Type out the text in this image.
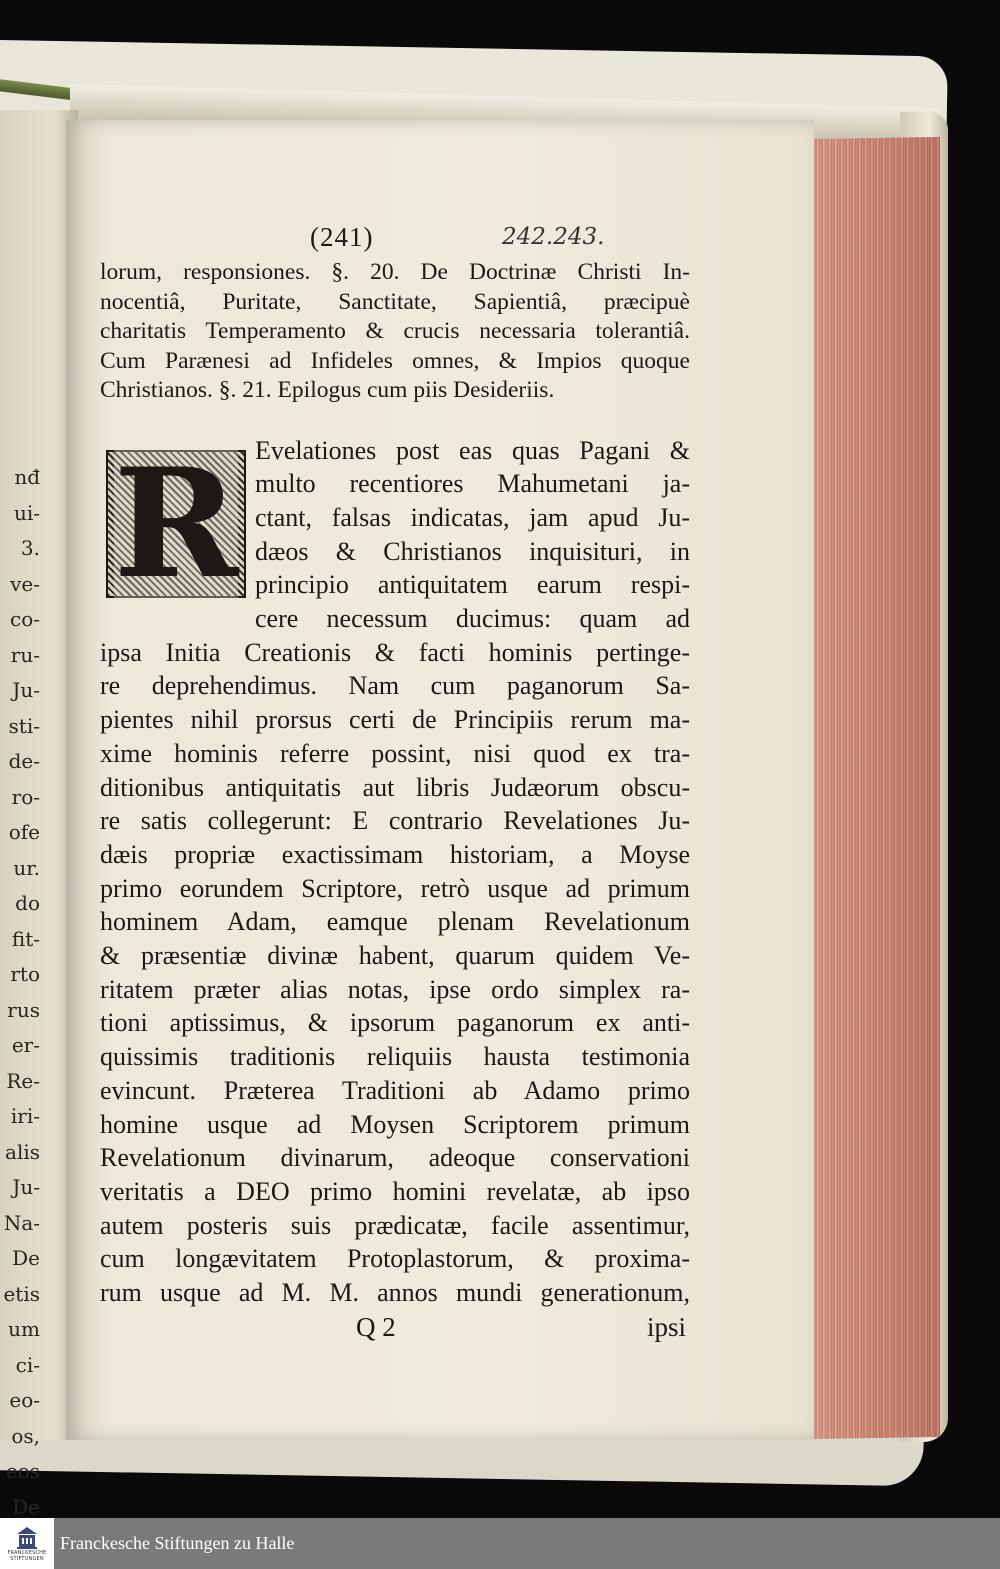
nđ
ui-
3.
ve-
co-
ru-
Ju-
sti-
de-
ro-
ofe
ur.
do
fit-
rto
rus
er-
Re-
iri-
alis
Ju-
Na-
De
etis
um
ci-
eo-
os,
eos
De
(241)	242.243.
lorum, responsiones. §. 20. De Doctrinæ Christi In-
nocentiâ, Puritate, Sanctitate, Sapientiâ, præcipuè
charitatis Temperamento & crucis necessaria tolerantiâ.
Cum Parænesi ad Infideles omnes, & Impios quoque
Christianos. §. 21. Epilogus cum piis Desideriis.
R Evelationes post eas quas Pagani &
multo recentiores Mahumetani ja-
ctant, falsas indicatas, jam apud Ju-
dæos & Christianos inquisituri, in
principio antiquitatem earum respi-
cere necessum ducimus: quam ad
ipsa Initia Creationis & facti hominis pertinge-
re deprehendimus. Nam cum paganorum Sa-
pientes nihil prorsus certi de Principiis rerum ma-
xime hominis referre possint, nisi quod ex tra-
ditionibus antiquitatis aut libris Judæorum obscu-
re satis collegerunt: E contrario Revelationes Ju-
dæis propriæ exactissimam historiam, a Moyse
primo eorundem Scriptore, retrò usque ad primum
hominem Adam, eamque plenam Revelationum
& præsentiæ divinæ habent, quarum quidem Ve-
ritatem præter alias notas, ipse ordo simplex ra-
tioni aptissimus, & ipsorum paganorum ex anti-
quissimis traditionis reliquiis hausta testimonia
evincunt. Præterea Traditioni ab Adamo primo
homine usque ad Moysen Scriptorem primum
Revelationum divinarum, adeoque conservationi
veritatis a DEO primo homini revelatæ, ab ipso
autem posteris suis prædicatæ, facile assentimur,
cum longævitatem Protoplastorum, & proxima-
rum usque ad M. M. annos mundi generationum,
Q 2	ipsi
FRANCKESCHE STIFTUNGEN
Franckesche Stiftungen zu Halle
